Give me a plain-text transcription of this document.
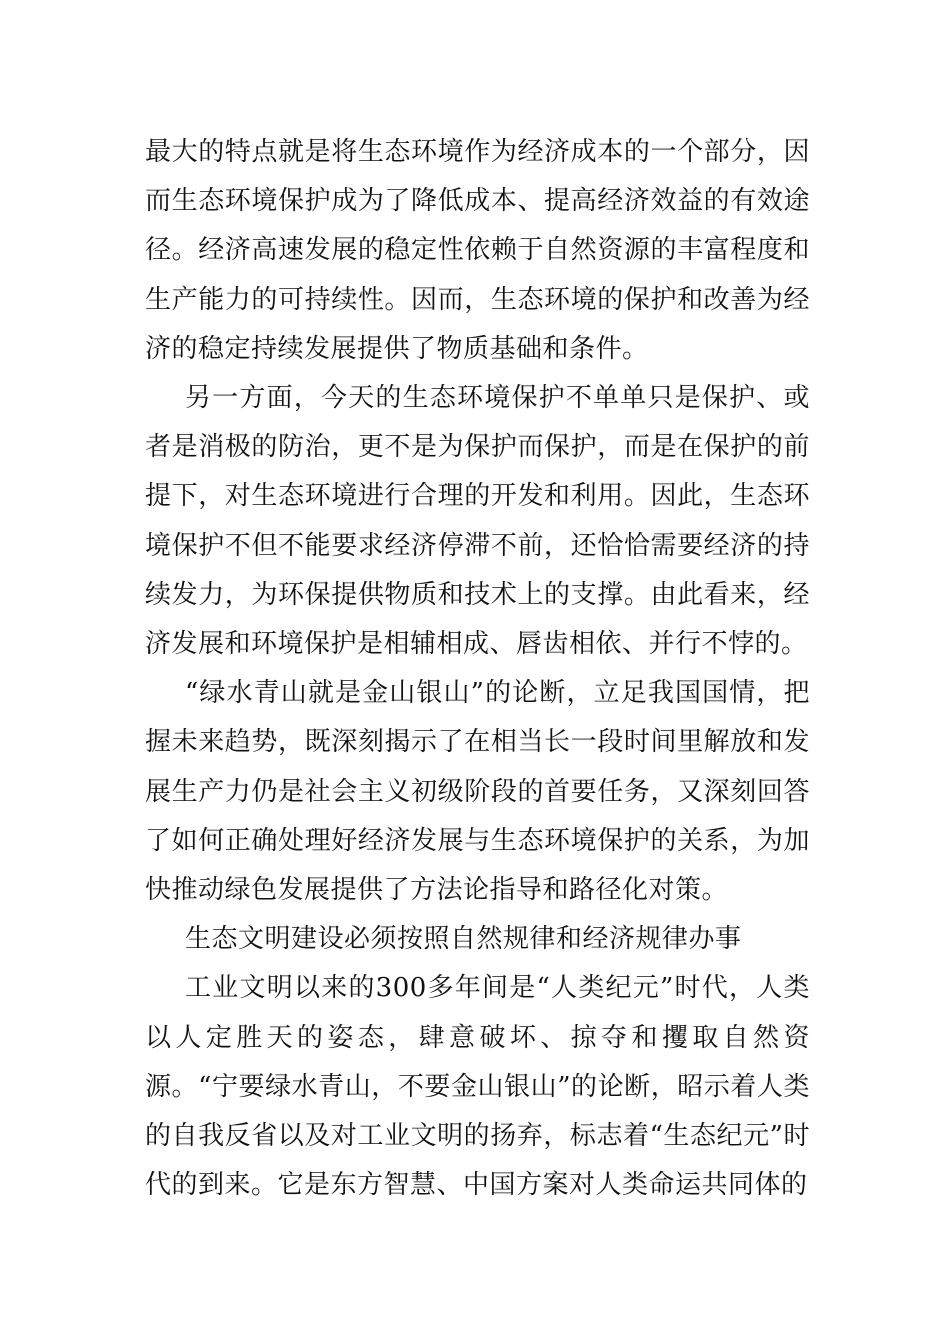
最大的特点就是将生态环境作为经济成本的一个部分，因而生态环境保护成为了降低成本、提高经济效益的有效途径。经济高速发展的稳定性依赖于自然资源的丰富程度和生产能力的可持续性。因而，生态环境的保护和改善为经济的稳定持续发展提供了物质基础和条件。

另一方面，今天的生态环境保护不单单只是保护、或者是消极的防治，更不是为保护而保护，而是在保护的前提下，对生态环境进行合理的开发和利用。因此，生态环境保护不但不能要求经济停滞不前，还恰恰需要经济的持续发力，为环保提供物质和技术上的支撑。由此看来，经济发展和环境保护是相辅相成、唇齿相依、并行不悖的。

“绿水青山就是金山银山”的论断，立足我国国情，把握未来趋势，既深刻揭示了在相当长一段时间里解放和发展生产力仍是社会主义初级阶段的首要任务，又深刻回答了如何正确处理好经济发展与生态环境保护的关系，为加快推动绿色发展提供了方法论指导和路径化对策。

生态文明建设必须按照自然规律和经济规律办事

工业文明以来的300多年间是“人类纪元”时代，人类以人定胜天的姿态，肆意破坏、掠夺和攫取自然资源。“宁要绿水青山，不要金山银山”的论断，昭示着人类的自我反省以及对工业文明的扬弃，标志着“生态纪元”时代的到来。它是东方智慧、中国方案对人类命运共同体的
